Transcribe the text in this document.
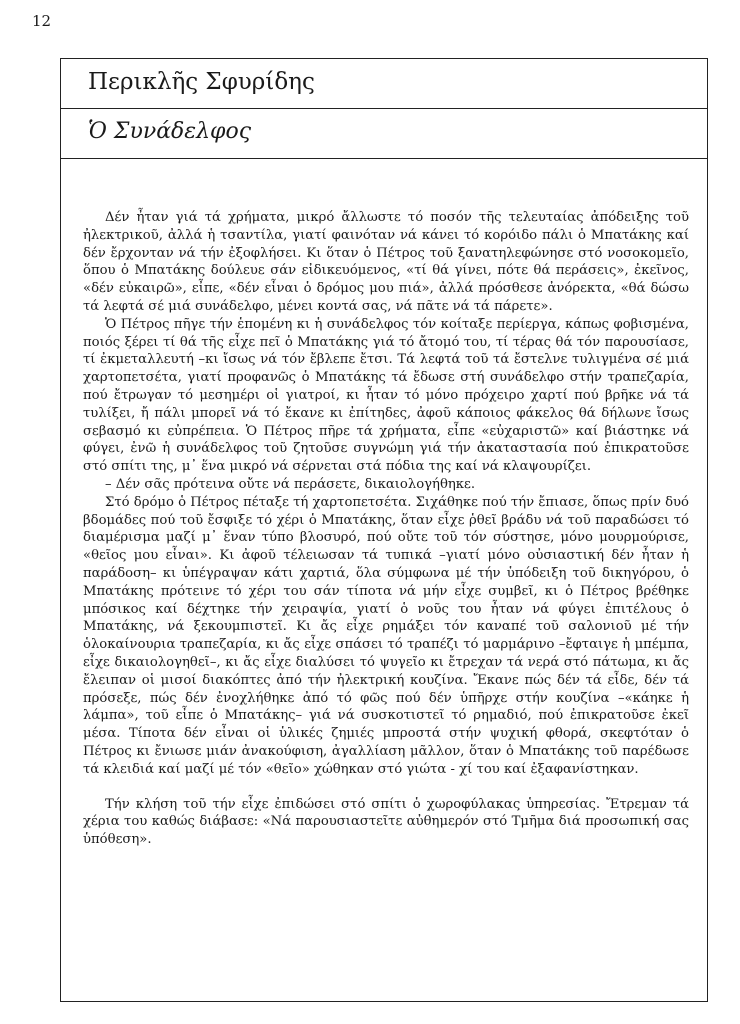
12
Περικλῆς Σφυρίδης
Ὁ Συνάδελφος

Δέν ἦταν γιά τά χρήματα, μικρό ἄλλωστε τό ποσόν τῆς τελευταίας ἀπόδειξης τοῦ ἠλεκτρικοῦ, ἀλλά ἡ τσαντίλα, γιατί φαινόταν νά κάνει τό κορόιδο πάλι ὁ Μπατάκης καί δέν ἔρχονταν νά τήν ἐξοφλήσει. Κι ὅταν ὁ Πέτρος τοῦ ξανατηλεφώνησε στό νοσοκομεῖο, ὅπου ὁ Μπατάκης δούλευε σάν εἰδικευόμενος, «τί θά γίνει, πότε θά περάσεις», ἐκεῖνος, «δέν εὐκαιρῶ», εἶπε, «δέν εἶναι ὁ δρόμος μου πιά», ἀλλά πρόσθεσε ἀνόρεκτα, «θά δώσω τά λεφτά σέ μιά συνάδελφο, μένει κοντά σας, νά πᾶτε νά τά πάρετε».

Ὁ Πέτρος πῆγε τήν ἑπομένη κι ἡ συνάδελφος τόν κοίταξε περίεργα, κάπως φοβισμένα, ποιός ξέρει τί θά τῆς εἶχε πεῖ ὁ Μπατάκης γιά τό ἄτομό του, τί τέρας θά τόν παρουσίασε, τί ἐκμεταλλευτή –κι ἴσως νά τόν ἔβλεπε ἔτσι. Τά λεφτά τοῦ τά ἔστελνε τυλιγμένα σέ μιά χαρτοπετσέτα, γιατί προφανῶς ὁ Μπατάκης τά ἔδωσε στή συνάδελφο στήν τραπεζαρία, πού ἔτρωγαν τό μεσημέρι οἱ γιατροί, κι ἦταν τό μόνο πρόχειρο χαρτί πού βρῆκε νά τά τυλίξει, ἤ πάλι μπορεῖ νά τό ἔκανε κι ἐπίτηδες, ἀφοῦ κάποιος φάκελος θά δήλωνε ἴσως σεβασμό κι εὐπρέπεια. Ὁ Πέτρος πῆρε τά χρήματα, εἶπε «εὐχαριστῶ» καί βιάστηκε νά φύγει, ἐνῶ ἡ συνάδελφος τοῦ ζητοῦσε συγνώμη γιά τήν ἀκαταστασία πού ἐπικρατοῦσε στό σπίτι της, μ᾽ ἕνα μικρό νά σέρνεται στά πόδια της καί νά κλαψουρίζει.

– Δέν σᾶς πρότεινα οὔτε νά περάσετε, δικαιολογήθηκε.

Στό δρόμο ὁ Πέτρος πέταξε τή χαρτοπετσέτα. Σιχάθηκε πού τήν ἔπιασε, ὅπως πρίν δυό βδομάδες πού τοῦ ἔσφιξε τό χέρι ὁ Μπατάκης, ὅταν εἶχε ῥθεῖ βράδυ νά τοῦ παραδώσει τό διαμέρισμα μαζί μ᾽ ἕναν τύπο βλοσυρό, πού οὔτε τοῦ τόν σύστησε, μόνο μουρμούρισε, «θεῖος μου εἶναι». Κι ἀφοῦ τέλειωσαν τά τυπικά –γιατί μόνο οὐσιαστική δέν ἦταν ἡ παράδοση– κι ὑπέγραψαν κάτι χαρτιά, ὅλα σύμφωνα μέ τήν ὑπόδειξη τοῦ δικηγόρου, ὁ Μπατάκης πρότεινε τό χέρι του σάν τίποτα νά μήν εἶχε συμβεῖ, κι ὁ Πέτρος βρέθηκε μπόσικος καί δέχτηκε τήν χειραψία, γιατί ὁ νοῦς του ἦταν νά φύγει ἐπιτέλους ὁ Μπατάκης, νά ξεκουμπιστεῖ. Κι ἄς εἶχε ρημάξει τόν καναπέ τοῦ σαλονιοῦ μέ τήν ὁλοκαίνουρια τραπεζαρία, κι ἄς εἶχε σπάσει τό τραπέζι τό μαρμάρινο –ἔφταιγε ἡ μπέμπα, εἶχε δικαιολογηθεῖ–, κι ἄς εἶχε διαλύσει τό ψυγεῖο κι ἔτρεχαν τά νερά στό πάτωμα, κι ἄς ἔλειπαν οἱ μισοί διακόπτες ἀπό τήν ἠλεκτρική κουζίνα. Ἔκανε πώς δέν τά εἶδε, δέν τά πρόσεξε, πώς δέν ἐνοχλήθηκε ἀπό τό φῶς πού δέν ὑπῆρχε στήν κουζίνα –«κάηκε ἡ λάμπα», τοῦ εἶπε ὁ Μπατάκης– γιά νά συσκοτιστεῖ τό ρημαδιό, πού ἐπικρατοῦσε ἐκεῖ μέσα. Τίποτα δέν εἶναι οἱ ὑλικές ζημιές μπροστά στήν ψυχική φθορά, σκεφτόταν ὁ Πέτρος κι ἔνιωσε μιάν ἀνακούφιση, ἀγαλλίαση μᾶλλον, ὅταν ὁ Μπατάκης τοῦ παρέδωσε τά κλειδιά καί μαζί μέ τόν «θεῖο» χώθηκαν στό γιώτα - χί του καί ἐξαφανίστηκαν.

Τήν κλήση τοῦ τήν εἶχε ἐπιδώσει στό σπίτι ὁ χωροφύλακας ὑπηρεσίας. Ἔτρεμαν τά χέρια του καθώς διάβασε: «Νά παρουσιαστεῖτε αὐθημερόν στό Τμῆμα διά προσωπική σας ὑπόθεση».
